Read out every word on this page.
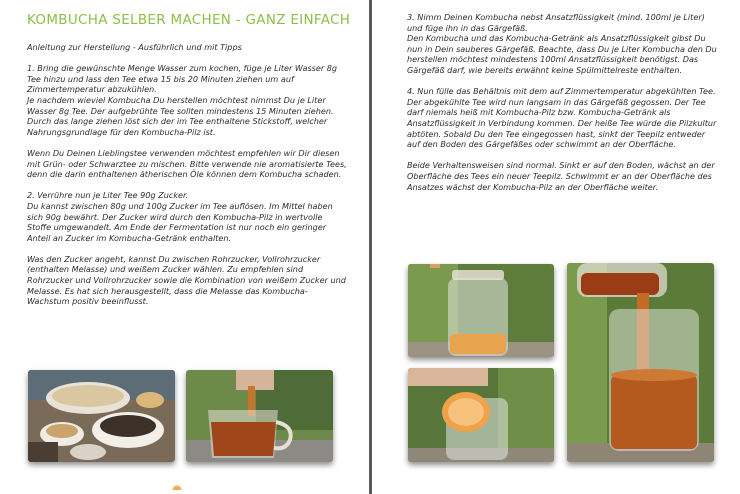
KOMBUCHA SELBER MACHEN - GANZ EINFACH

Anleitung zur Herstellung - Ausführlich und mit Tipps

1. Bring die gewünschte Menge Wasser zum kochen, füge je Liter Wasser 8g Tee hinzu und lass den Tee etwa 15 bis 20 Minuten ziehen um auf Zimmertemperatur abzukühlen.
Je nachdem wieviel Kombucha Du herstellen möchtest nimmst Du je Liter Wasser 8g Tee. Der aufgebrühte Tee sollten mindestens 15 Minuten ziehen. Durch das lange ziehen löst sich der im Tee enthaltene Stickstoff, welcher Nahrungsgrundlage für den Kombucha-Pilz ist.

Wenn Du Deinen Lieblingstee verwenden möchtest empfehlen wir Dir diesen mit Grün- oder Schwarztee zu mischen. Bitte verwende nie aromatisierte Tees, denn die darin enthaltenen ätherischen Öle können dem Kombucha schaden.

2. Verrühre nun je Liter Tee 90g Zucker.
Du kannst zwischen 80g und 100g Zucker im Tee auflösen. Im Mittel haben sich 90g bewährt. Der Zucker wird durch den Kombucha-Pilz in wertvolle Stoffe umgewandelt. Am Ende der Fermentation ist nur noch ein geringer Anteil an Zucker im Kombucha-Getränk enthalten.

Was den Zucker angeht, kannst Du zwischen Rohrzucker, Vollrohrzucker (enthalten Melasse) und weißem Zucker wählen. Zu empfehlen sind Rohrzucker und Vollrohrzucker sowie die Kombination von weißem Zucker und Melasse. Es hat sich herausgestellt, dass die Melasse das Kombucha-Wachstum positiv beeinflusst.

3. Nimm Deinen Kombucha nebst Ansatzflüssigkeit (mind. 100ml je Liter) und füge ihn in das Gärgefäß.
Den Kombucha und das Kombucha-Getränk als Ansatzflüssigkeit gibst Du nun in Dein sauberes Gärgefäß. Beachte, dass Du je Liter Kombucha den Du herstellen möchtest mindestens 100ml Ansatzflüssigkeit benötigst. Das Gärgefäß darf, wie bereits erwähnt keine Spülmittelreste enthalten.

4. Nun fülle das Behältnis mit dem auf Zimmertemperatur abgekühlten Tee.
Der abgekühlte Tee wird nun langsam in das Gärgefäß gegossen. Der Tee darf niemals heiß mit Kombucha-Pilz bzw. Kombucha-Getränk als Ansatzflüssigkeit in Verbindung kommen. Der heiße Tee würde die Pilzkultur abtöten. Sobald Du den Tee eingegossen hast, sinkt der Teepilz entweder auf den Boden des Gärgefäßes oder schwimmt an der Oberfläche.

Beide Verhaltensweisen sind normal. Sinkt er auf den Boden, wächst an der Oberfläche des Tees ein neuer Teepilz. Schwimmt er an der Oberfläche des Ansatzes wächst der Kombucha-Pilz an der Oberfläche weiter.
